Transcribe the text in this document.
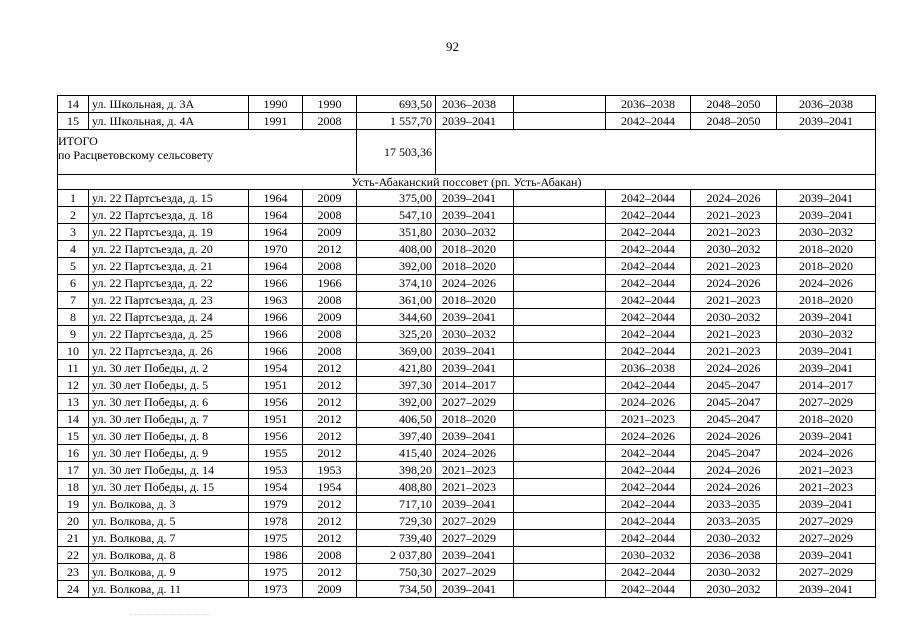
92
14	ул. Школьная, д. 3А	1990	1990	693,50	2036–2038		2036–2038	2048–2050	2036–2038
15	ул. Школьная, д. 4А	1991	2008	1 557,70	2039–2041		2042–2044	2048–2050	2039–2041

ИТОГО
по Расцветовскому сельсовету				17 503,36					
Усть-Абаканский поссовет (рп. Усть-Абакан)									
1	ул. 22 Партсъезда, д. 15	1964	2009	375,00	2039–2041		2042–2044	2024–2026	2039–2041
2	ул. 22 Партсъезда, д. 18	1964	2008	547,10	2039–2041		2042–2044	2021–2023	2039–2041
3	ул. 22 Партсъезда, д. 19	1964	2009	351,80	2030–2032		2042–2044	2021–2023	2030–2032
4	ул. 22 Партсъезда, д. 20	1970	2012	408,00	2018–2020		2042–2044	2030–2032	2018–2020
5	ул. 22 Партсъезда, д. 21	1964	2008	392,00	2018–2020		2042–2044	2021–2023	2018–2020
6	ул. 22 Партсъезда, д. 22	1966	1966	374,10	2024–2026		2042–2044	2024–2026	2024–2026
7	ул. 22 Партсъезда, д. 23	1963	2008	361,00	2018–2020		2042–2044	2021–2023	2018–2020
8	ул. 22 Партсъезда, д. 24	1966	2009	344,60	2039–2041		2042–2044	2030–2032	2039–2041
9	ул. 22 Партсъезда, д. 25	1966	2008	325,20	2030–2032		2042–2044	2021–2023	2030–2032
10	ул. 22 Партсъезда, д. 26	1966	2008	369,00	2039–2041		2042–2044	2021–2023	2039–2041
11	ул. 30 лет Победы, д. 2	1954	2012	421,80	2039–2041		2036–2038	2024–2026	2039–2041
12	ул. 30 лет Победы, д. 5	1951	2012	397,30	2014–2017		2042–2044	2045–2047	2014–2017
13	ул. 30 лет Победы, д. 6	1956	2012	392,00	2027–2029		2024–2026	2045–2047	2027–2029
14	ул. 30 лет Победы, д. 7	1951	2012	406,50	2018–2020		2021–2023	2045–2047	2018–2020
15	ул. 30 лет Победы, д. 8	1956	2012	397,40	2039–2041		2024–2026	2024–2026	2039–2041
16	ул. 30 лет Победы, д. 9	1955	2012	415,40	2024–2026		2042–2044	2045–2047	2024–2026
17	ул. 30 лет Победы, д. 14	1953	1953	398,20	2021–2023		2042–2044	2024–2026	2021–2023
18	ул. 30 лет Победы, д. 15	1954	1954	408,80	2021–2023		2042–2044	2024–2026	2021–2023
19	ул. Волкова, д. 3	1979	2012	717,10	2039–2041		2042–2044	2033–2035	2039–2041
20	ул. Волкова, д. 5	1978	2012	729,30	2027–2029		2042–2044	2033–2035	2027–2029
21	ул. Волкова, д. 7	1975	2012	739,40	2027–2029		2042–2044	2030–2032	2027–2029
22	ул. Волкова, д. 8	1986	2008	2 037,80	2039–2041		2030–2032	2036–2038	2039–2041
23	ул. Волкова, д. 9	1975	2012	750,30	2027–2029		2042–2044	2030–2032	2027–2029
24	ул. Волкова, д. 11	1973	2009	734,50	2039–2041		2042–2044	2030–2032	2039–2041
